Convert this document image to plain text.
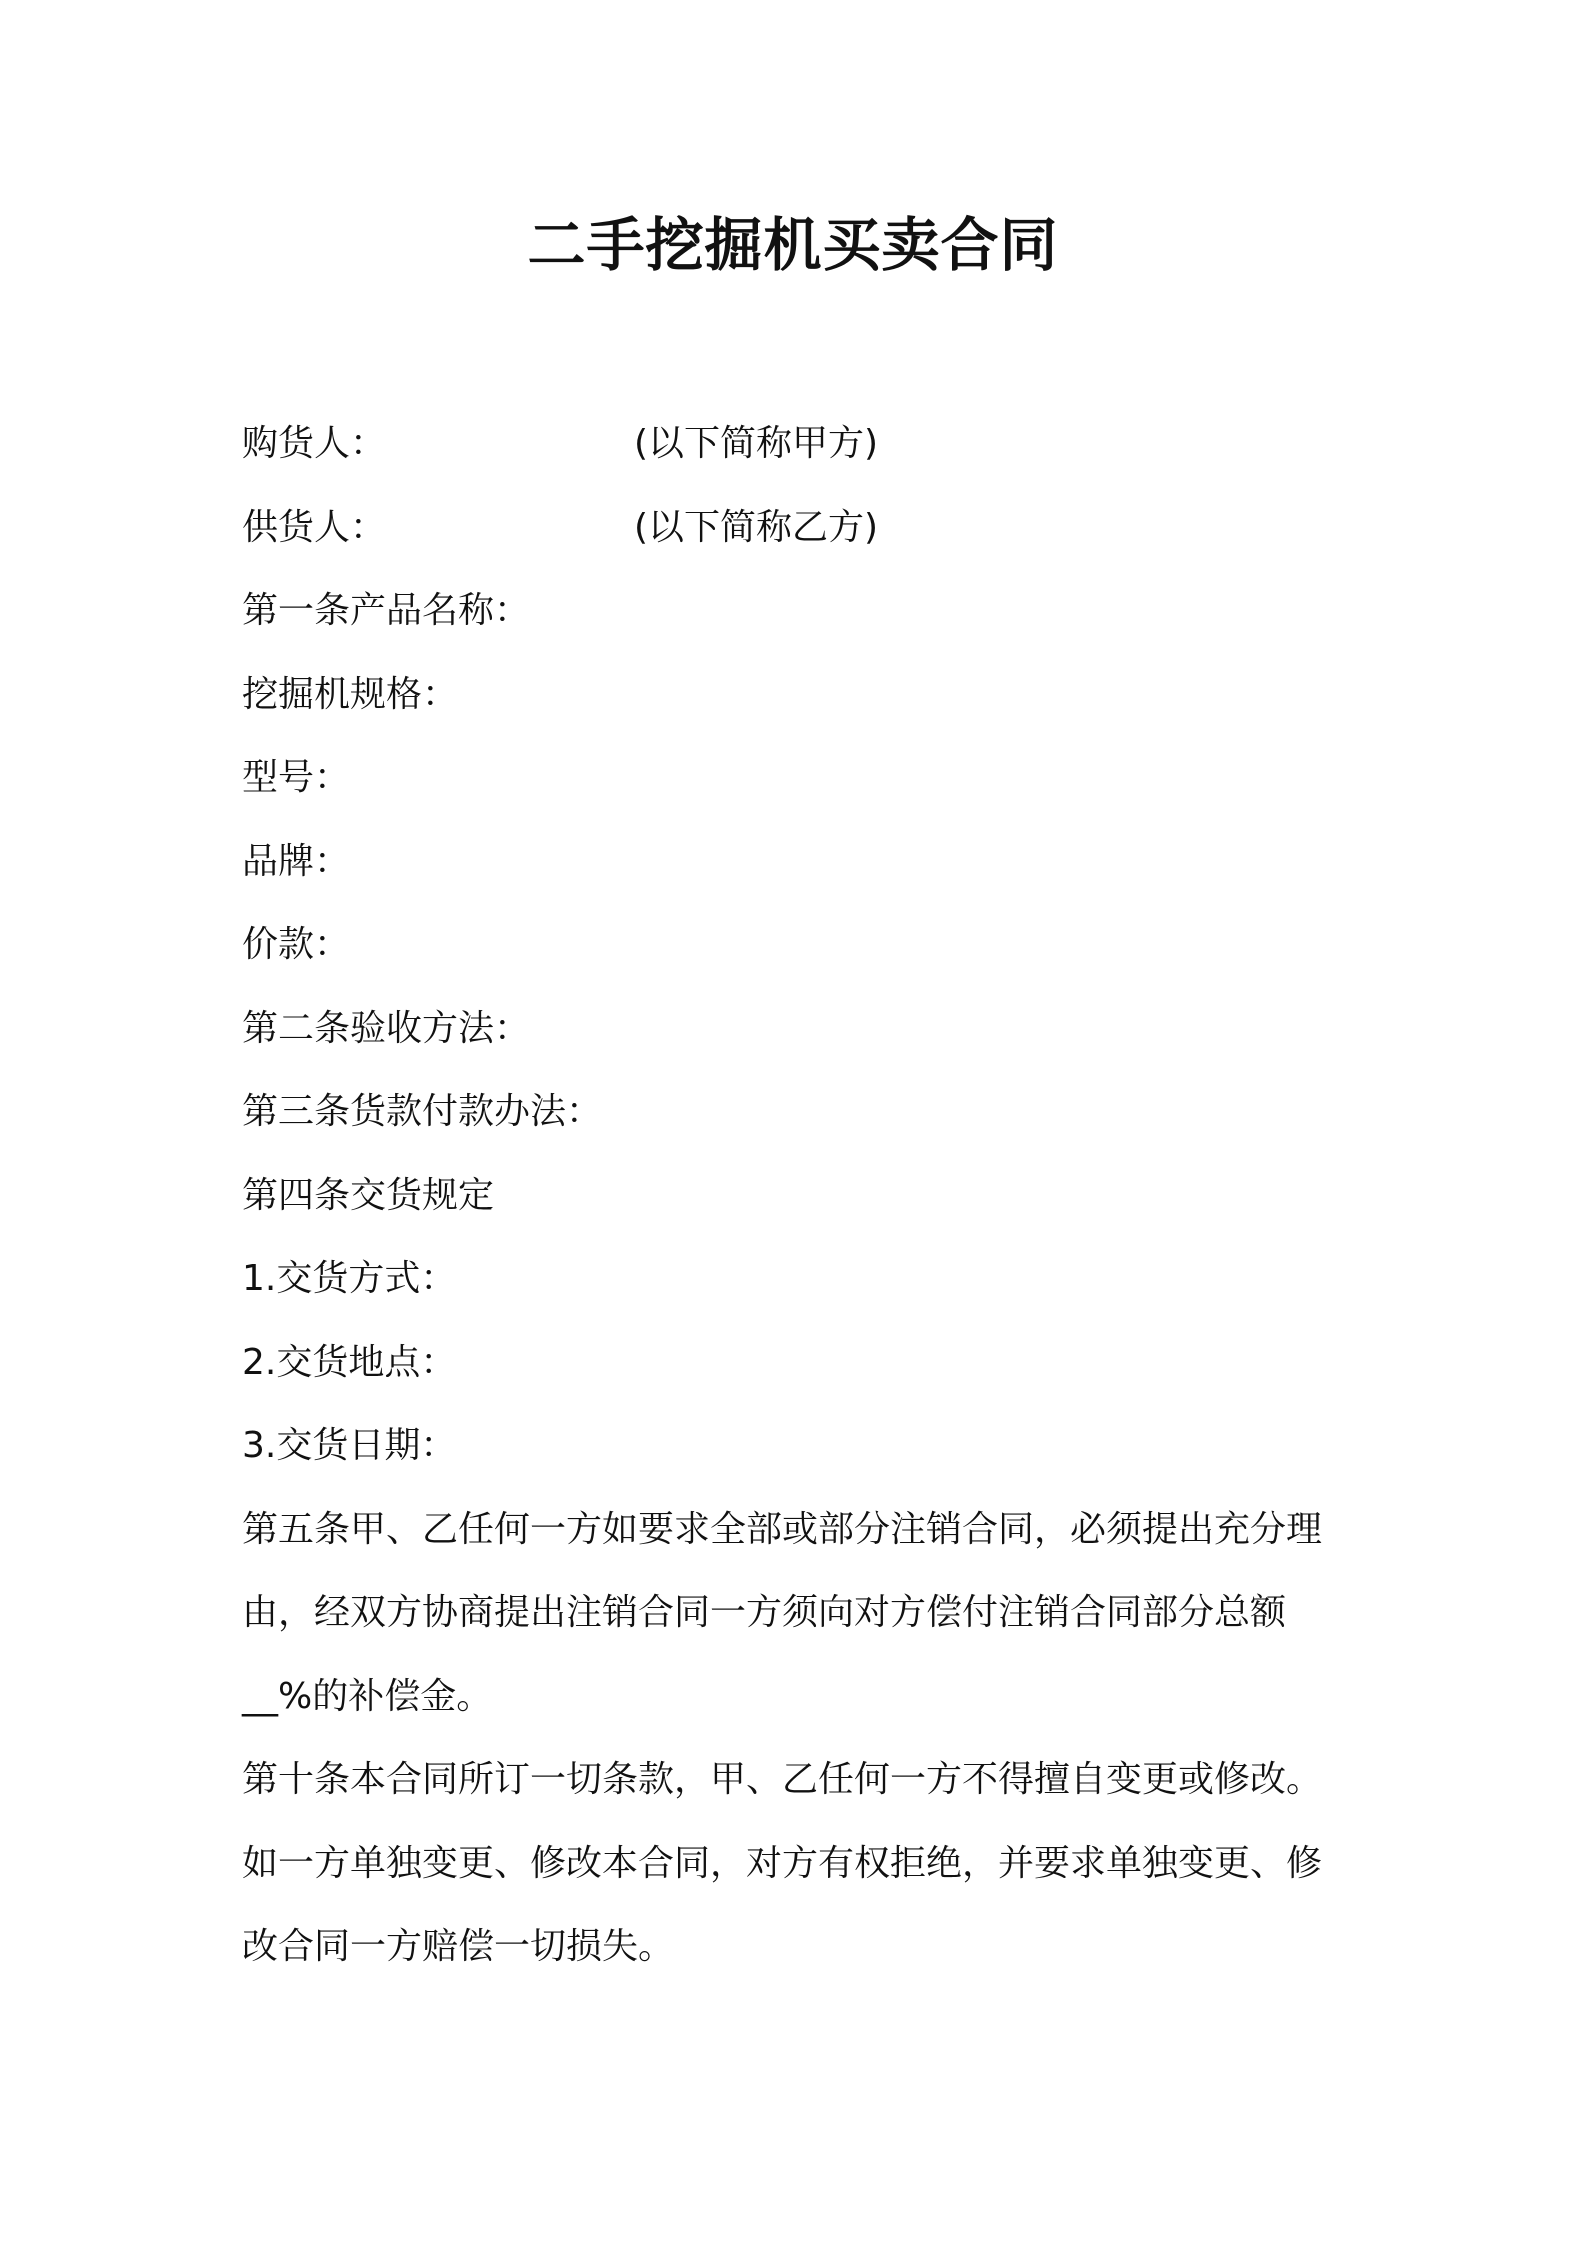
二手挖掘机买卖合同
购货人：	(以下简称甲方)
供货人：	(以下简称乙方)
第一条产品名称：
挖掘机规格：
型号：
品牌：
价款：
第二条验收方法：
第三条货款付款办法：
第四条交货规定
1.交货方式：
2.交货地点：
3.交货日期：
第五条甲、乙任何一方如要求全部或部分注销合同，必须提出充分理
由，经双方协商提出注销合同一方须向对方偿付注销合同部分总额
__%的补偿金。
第十条本合同所订一切条款，甲、乙任何一方不得擅自变更或修改。
如一方单独变更、修改本合同，对方有权拒绝，并要求单独变更、修
改合同一方赔偿一切损失。
